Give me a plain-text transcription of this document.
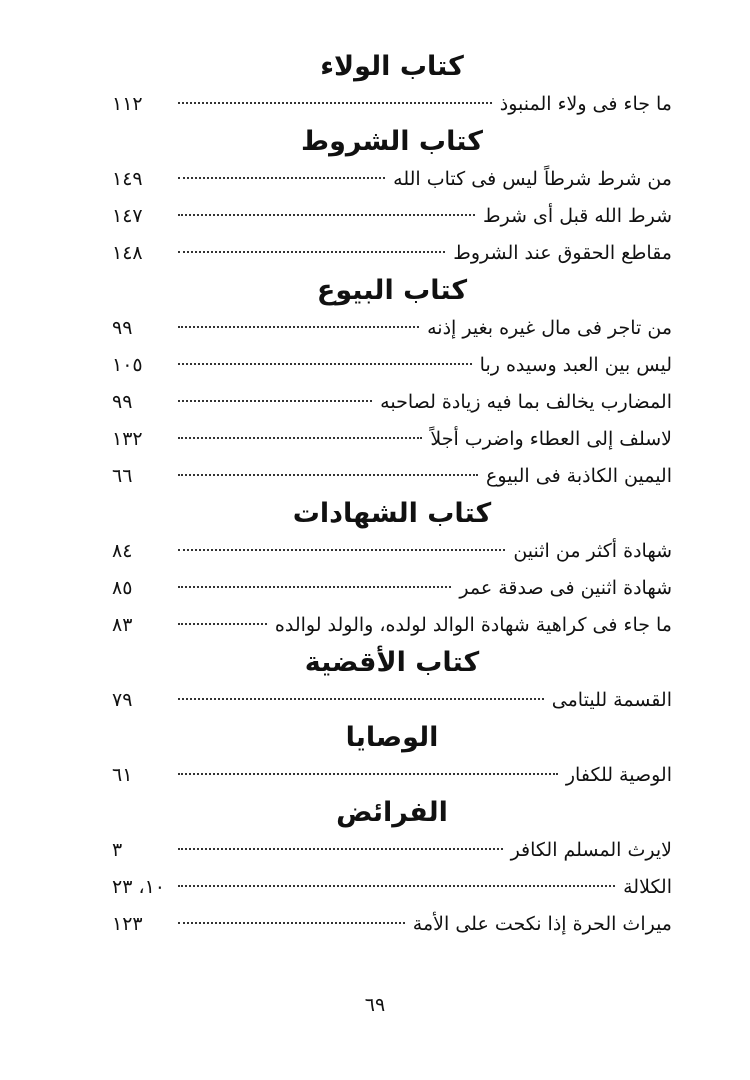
كتاب الولاء
ما جاء فى ولاء المنبوذ
١١٢
كتاب الشروط
من شرط شرطاً ليس فى كتاب الله
١٤٩
شرط الله قبل أى شرط
١٤٧
مقاطع الحقوق عند الشروط
١٤٨
كتاب البيوع
من تاجر فى مال غيره بغير إذنه
٩٩
ليس بين العبد وسيده ربا
١٠٥
المضارب يخالف بما فيه زيادة لصاحبه
٩٩
لاسلف إلى العطاء واضرب أجلاً
١٣٢
اليمين الكاذبة فى البيوع
٦٦
كتاب الشهادات
شهادة أكثر من اثنين
٨٤
شهادة اثنين فى صدقة عمر
٨٥
ما جاء فى كراهية شهادة الوالد لولده، والولد لوالده
٨٣
كتاب الأقضية
القسمة لليتامى
٧٩
الوصايا
الوصية للكفار
٦١
الفرائض
لايرث المسلم الكافر
٣
الكلالة
١٠، ٢٣
ميراث الحرة إذا نكحت على الأمة
١٢٣
٦٩
